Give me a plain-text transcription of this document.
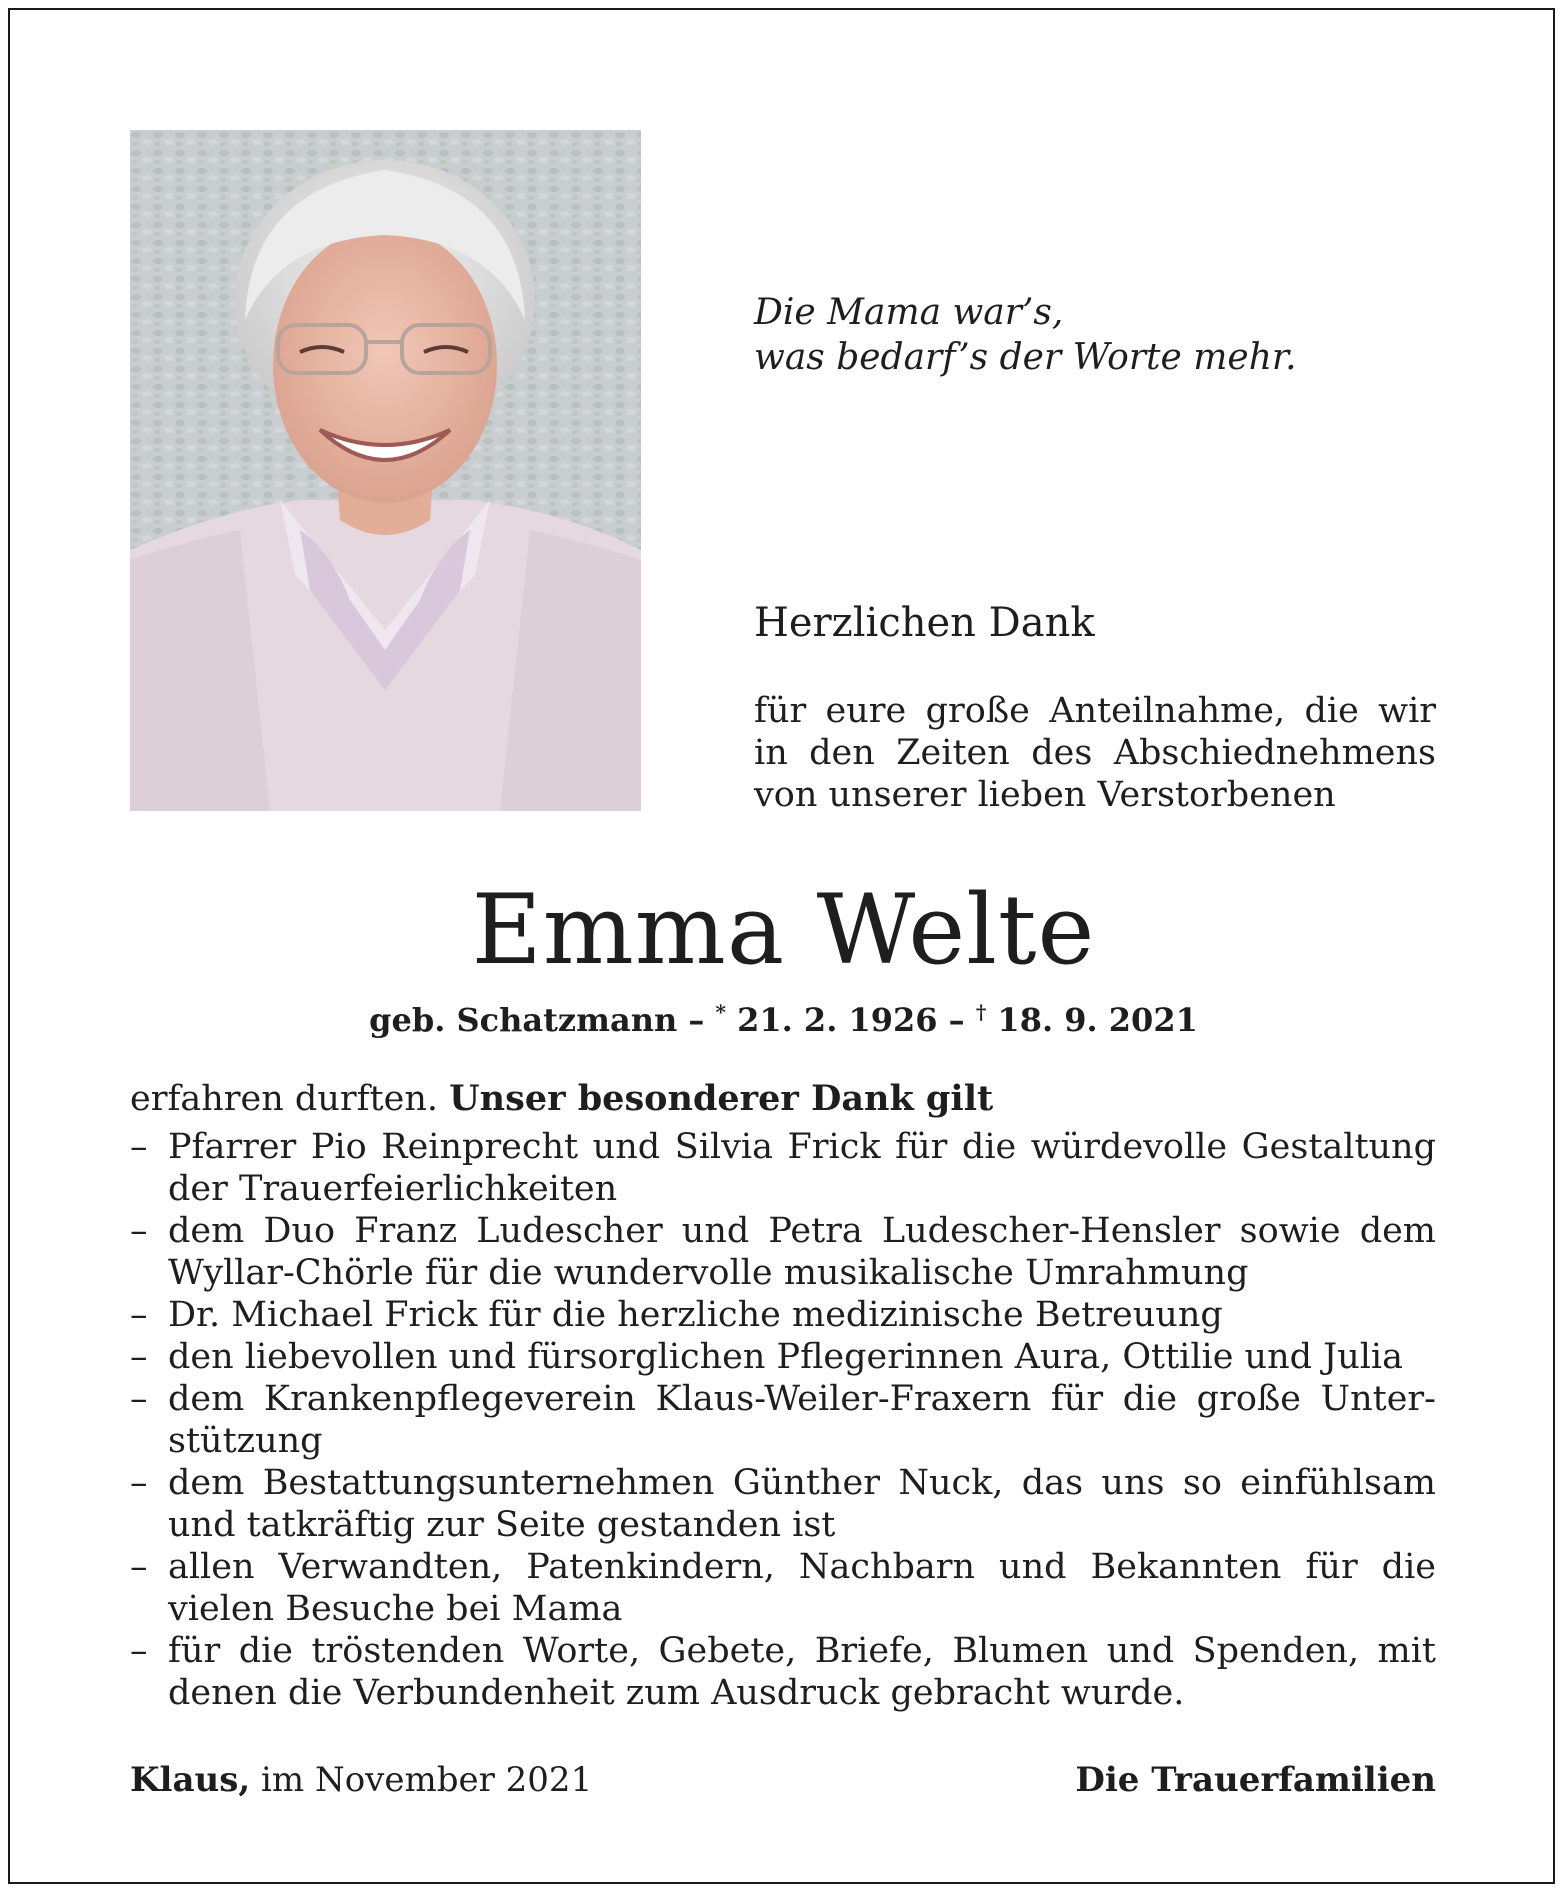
Die Mama war’s,
was bedarf’s der Worte mehr.
Herzlichen Dank
für eure große Anteilnahme, die wir in den Zeiten des Abschiednehmens von unserer lieben Verstorbenen
Emma Welte
geb. Schatzmann – * 21. 2. 1926 – † 18. 9. 2021
erfahren durften. Unser besonderer Dank gilt
– Pfarrer Pio Reinprecht und Silvia Frick für die würdevolle Gestaltung der Trauerfeierlichkeiten
– dem Duo Franz Ludescher und Petra Ludescher-Hensler sowie dem Wyllar-Chörle für die wundervolle musikalische Umrahmung
– Dr. Michael Frick für die herzliche medizinische Betreuung
– den liebevollen und fürsorglichen Pflegerinnen Aura, Ottilie und Julia
– dem Krankenpflegeverein Klaus-Weiler-Fraxern für die große Unter-stützung
– dem Bestattungsunternehmen Günther Nuck, das uns so einfühlsam und tatkräftig zur Seite gestanden ist
– allen Verwandten, Patenkindern, Nachbarn und Bekannten für die vielen Besuche bei Mama
– für die tröstenden Worte, Gebete, Briefe, Blumen und Spenden, mit denen die Verbundenheit zum Ausdruck gebracht wurde.
Klaus, im November 2021	Die Trauerfamilien
